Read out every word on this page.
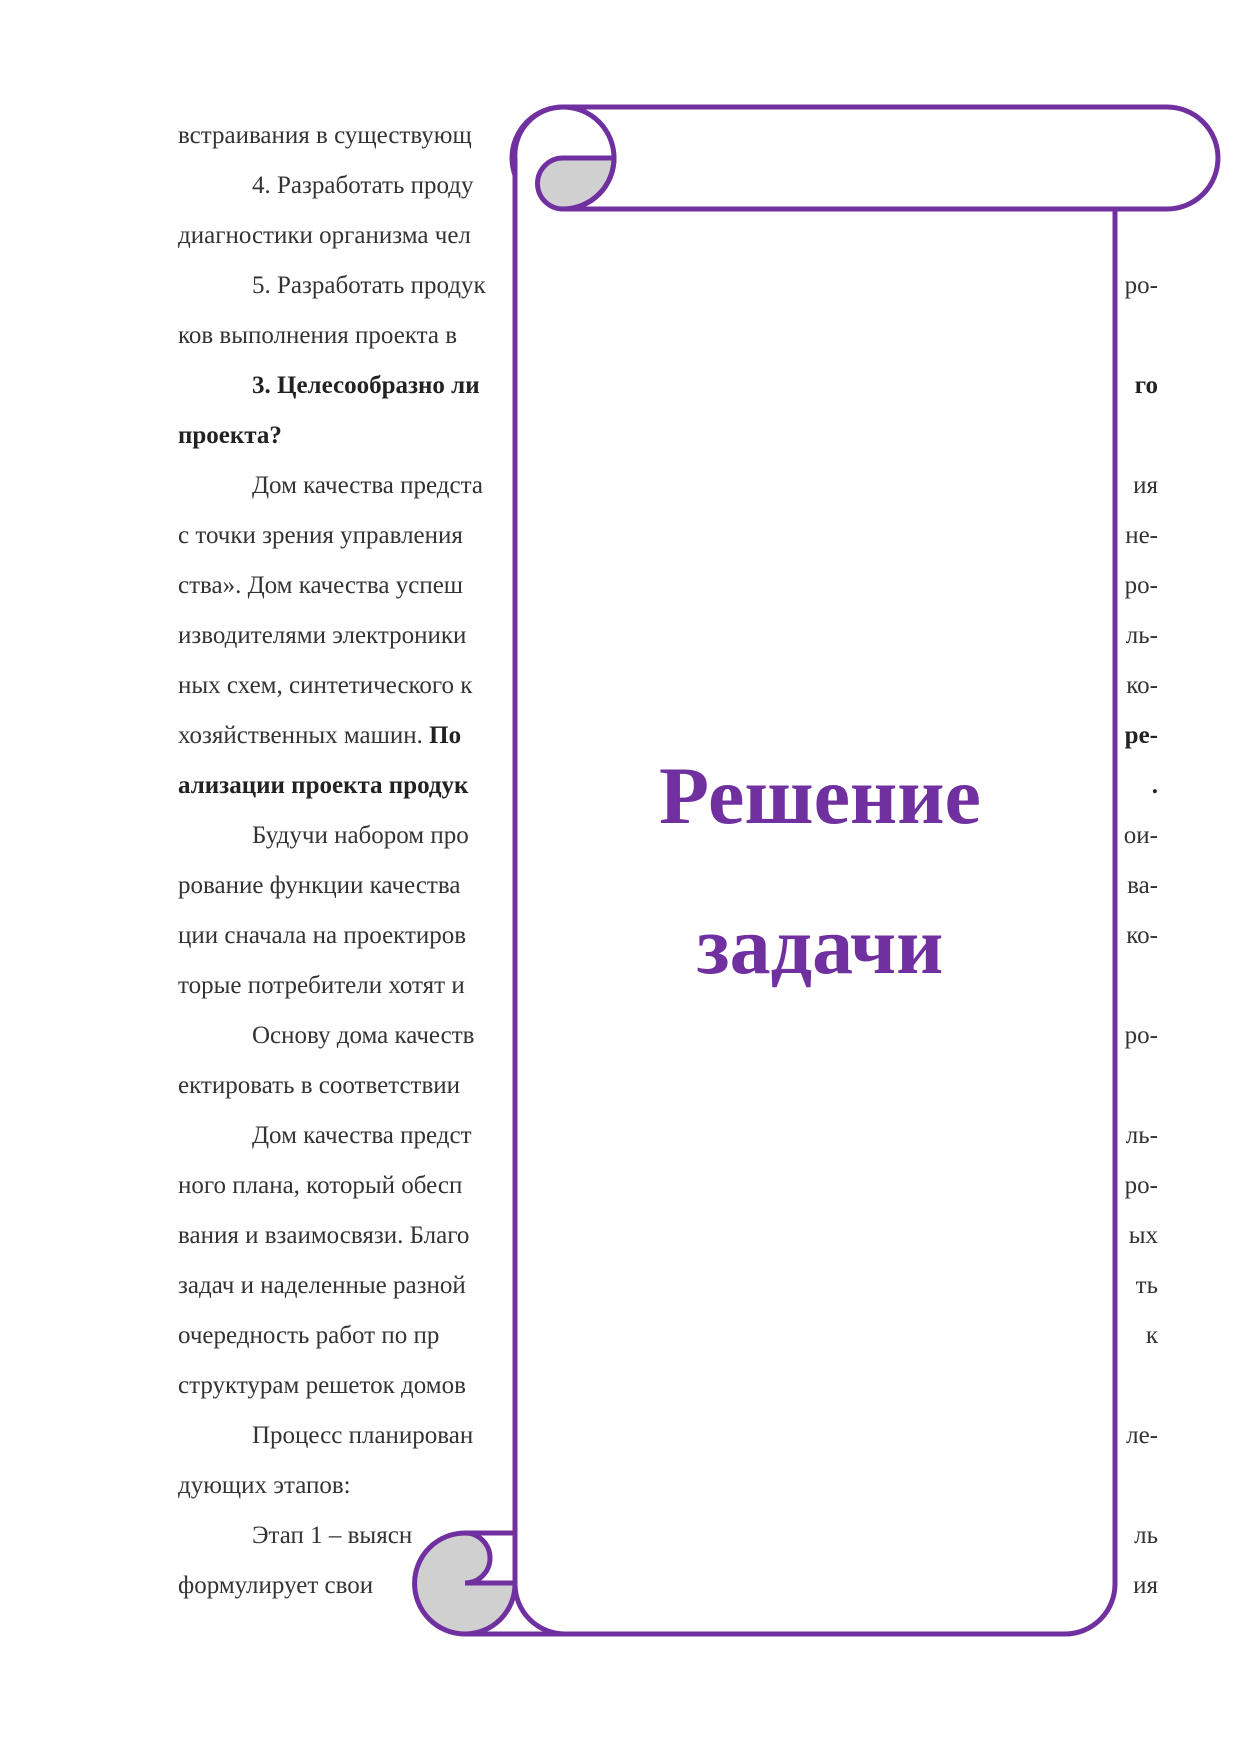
встраивания в существующ
4. Разработать проду
диагностики организма чел
5. Разработать продук
ков выполнения проекта в
3. Целесообразно ли
проекта?
Дом качества предста
с точки зрения управления
ства». Дом качества успеш
изводителями электроники
ных схем, синтетического к
хозяйственных машин. По
ализации проекта продук
Будучи набором про
рование функции качества
ции сначала на проектиров
торые потребители хотят и
Основу дома качеств
ектировать в соответствии
Дом качества предст
ного плана, который обесп
вания и взаимосвязи. Благо
задач и наделенные разной
очередность работ по пр
структурам решеток домов
Процесс планирован
дующих этапов:
Этап 1 – выясн
формулирует свои
ро-
го
ия
не-
ро-
ль-
ко-
ре-
.
ои-
ва-
ко-
ро-
ль-
ро-
ых
ть
к
ле-
ль
ия
Решение
задачи
